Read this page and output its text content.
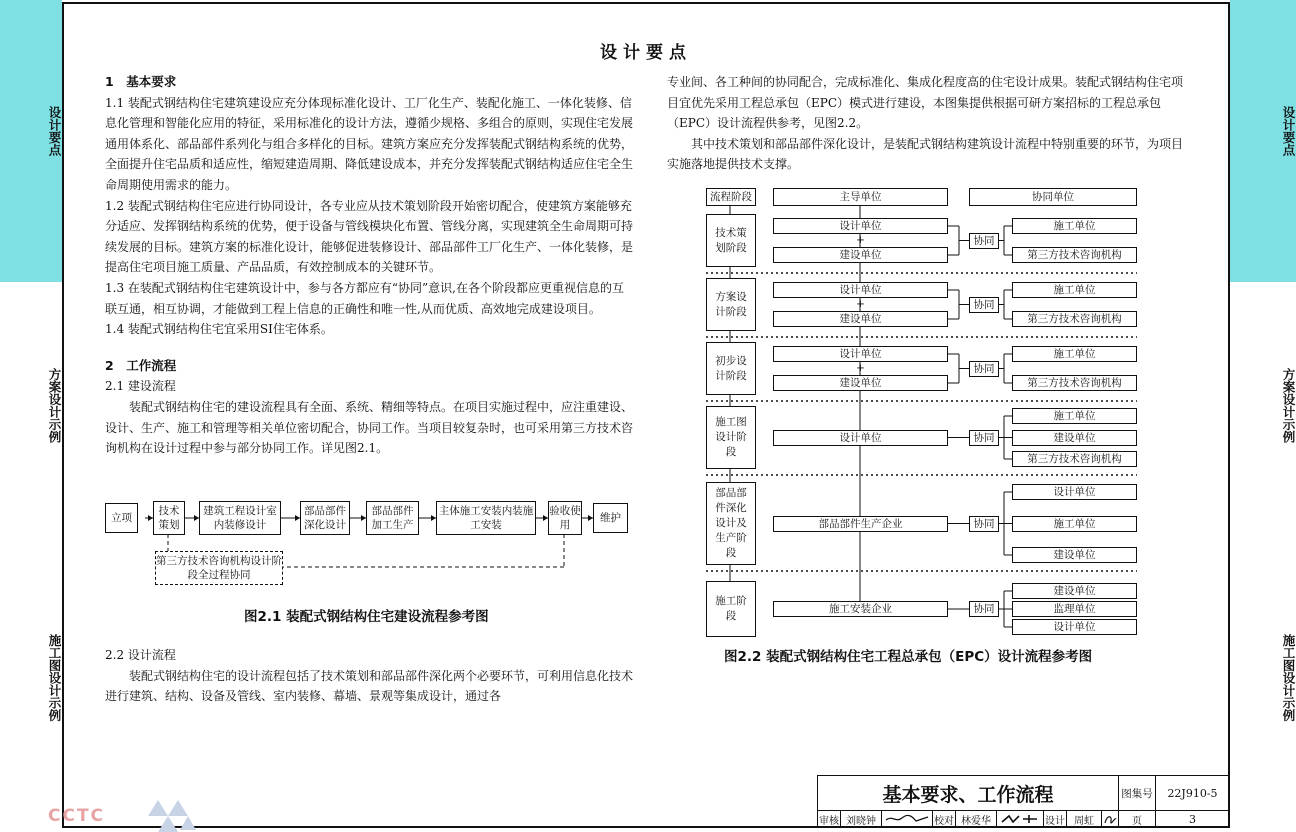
设计要点
方案设计示例
施工图设计示例
设计要点
方案设计示例
施工图设计示例
设计要点

1　基本要求

1.1 装配式钢结构住宅建筑建设应充分体现标准化设计、工厂化生产、装配化施工、一体化装修、信息化管理和智能化应用的特征，采用标准化的设计方法，遵循少规格、多组合的原则，实现住宅发展通用体系化、部品部件系列化与组合多样化的目标。建筑方案应充分发挥装配式钢结构系统的优势，全面提升住宅品质和适应性，缩短建造周期、降低建设成本，并充分发挥装配式钢结构适应住宅全生命周期使用需求的能力。

1.2 装配式钢结构住宅应进行协同设计，各专业应从技术策划阶段开始密切配合，使建筑方案能够充分适应、发挥钢结构系统的优势，便于设备与管线模块化布置、管线分离，实现建筑全生命周期可持续发展的目标。建筑方案的标准化设计，能够促进装修设计、部品部件工厂化生产、一体化装修，是提高住宅项目施工质量、产品品质，有效控制成本的关键环节。

1.3 在装配式钢结构住宅建筑设计中，参与各方都应有“协同”意识,在各个阶段都应更重视信息的互联互通，相互协调，才能做到工程上信息的正确性和唯一性,从而优质、高效地完成建设项目。

1.4 装配式钢结构住宅宜采用SI住宅体系。

2　工作流程

2.1 建设流程

装配式钢结构住宅的建设流程具有全面、系统、精细等特点。在项目实施过程中，应注重建设、设计、生产、施工和管理等相关单位密切配合，协同工作。当项目较复杂时，也可采用第三方技术咨询机构在设计过程中参与部分协同工作。详见图2.1。

立项
技术策划
建筑工程设计室内装修设计
部品部件深化设计
部品部件加工生产
主体施工安装内装施工安装
验收使用
维护
第三方技术咨询机构设计阶段全过程协同
图2.1 装配式钢结构住宅建设流程参考图

2.2 设计流程

装配式钢结构住宅的设计流程包括了技术策划和部品部件深化两个必要环节，可利用信息化技术进行建筑、结构、设备及管线、室内装修、幕墙、景观等集成设计，通过各

专业间、各工种间的协同配合，完成标准化、集成化程度高的住宅设计成果。装配式钢结构住宅项目宜优先采用工程总承包（EPC）模式进行建设，本图集提供根据可研方案招标的工程总承包（EPC）设计流程供参考，见图2.2。

其中技术策划和部品部件深化设计，是装配式钢结构建筑设计流程中特别重要的环节，为项目实施落地提供技术支撑。

流程阶段	主导单位	协同单位
技术策划阶段
设计单位
+
建设单位
协同
施工单位
第三方技术咨询机构
方案设计阶段
设计单位
+
建设单位
协同
施工单位
第三方技术咨询机构
初步设计阶段
设计单位
+
建设单位
协同
施工单位
第三方技术咨询机构
施工图设计阶段
设计单位	协同
施工单位
建设单位
第三方技术咨询机构
部品部件深化设计及生产阶段
部品部件生产企业	协同
设计单位
施工单位
建设单位
施工阶段
施工安装企业	协同
建设单位
监理单位
设计单位
图2.2 装配式钢结构住宅工程总承包（EPC）设计流程参考图
基本要求、工作流程	图集号	22J910-5
审核 刘晓钟	校对 林爱华	设计 周虹	页	3
CCTC
